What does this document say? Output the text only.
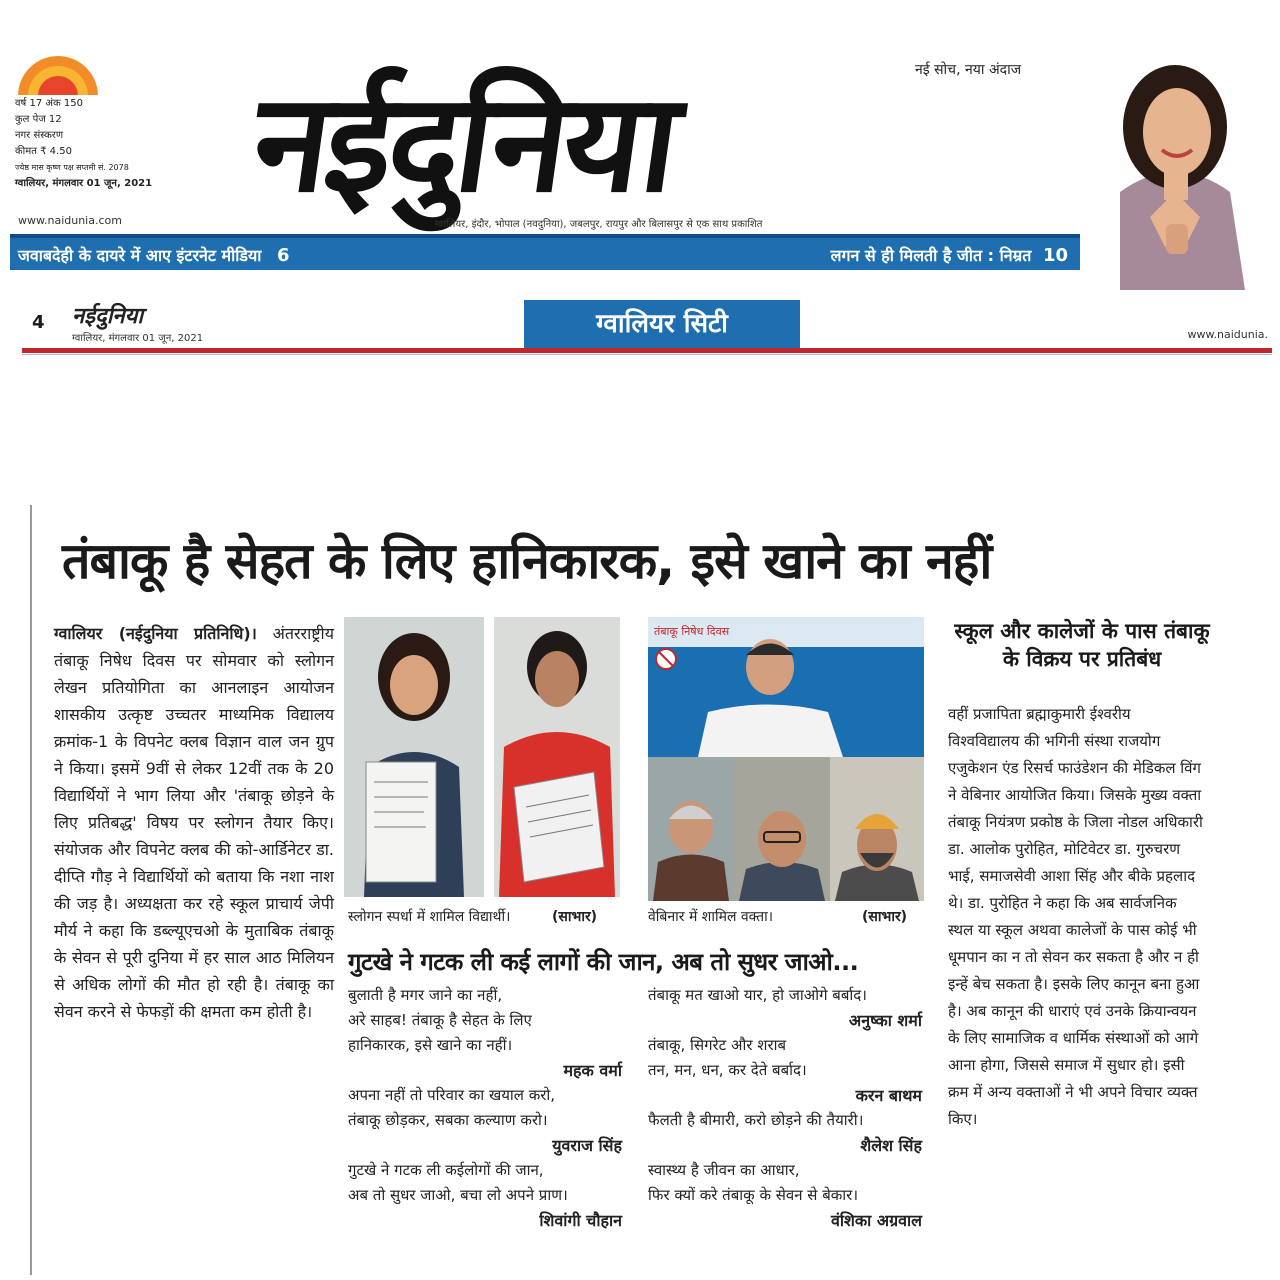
वर्ष 17 अंक 150
कुल पेज 12
नगर संस्करण
कीमत ₹ 4.50
ज्येष्ठ मास कृष्ण पक्ष सप्तमी सं. 2078
ग्वालियर, मंगलवार 01 जून, 2021 नईदुनिया	नई सोच, नया अंदाज
www.naidunia.com	ग्वालियर, इंदौर, भोपाल (नवदुनिया), जबलपुर, रायपुर और बिलासपुर से एक साथ प्रकाशित
जवाबदेही के दायरे में आए इंटरनेट मीडिया 6	लगन से ही मिलती है जीत : निम्रत 10
4 नईदुनिया
ग्वालियर, मंगलवार 01 जून, 2021	ग्वालियर सिटी	www.naidunia.
तंबाकू है सेहत के लिए हानिकारक, इसे खाने का नहीं
ग्वालियर (नईदुनिया प्रतिनिधि)। अंतरराष्ट्रीय तंबाकू निषेध दिवस पर सोमवार को स्लोगन लेखन प्रतियोगिता का आनलाइन आयोजन शासकीय उत्कृष्ट उच्चतर माध्यमिक विद्यालय क्रमांक-1 के विपनेट क्लब विज्ञान वाल जन ग्रुप ने किया। इसमें 9वीं से लेकर 12वीं तक के 20 विद्यार्थियों ने भाग लिया और 'तंबाकू छोड़ने के लिए प्रतिबद्ध' विषय पर स्लोगन तैयार किए। संयोजक और विपनेट क्लब की को-आर्डिनेटर डा. दीप्ति गौड़ ने विद्यार्थियों को बताया कि नशा नाश की जड़ है। अध्यक्षता कर रहे स्कूल प्राचार्य जेपी मौर्य ने कहा कि डब्ल्यूएचओ के मुताबिक तंबाकू के सेवन से पूरी दुनिया में हर साल आठ मिलियन से अधिक लोगों की मौत हो रही है। तंबाकू का सेवन करने से फेफड़ों की क्षमता कम होती है।
तंबाकू निषेध दिवस
स्लोगन स्पर्धा में शामिल विद्यार्थी।	(साभार)	वेबिनार में शामिल वक्ता।	(साभार)
गुटखे ने गटक ली कई लागों की जान, अब तो सुधर जाओ...
बुलाती है मगर जाने का नहीं,
अरे साहब! तंबाकू है सेहत के लिए
हानिकारक, इसे खाने का नहीं।
महक वर्मा
अपना नहीं तो परिवार का खयाल करो,
तंबाकू छोड़कर, सबका कल्याण करो।
युवराज सिंह
गुटखे ने गटक ली कईलोगों की जान,
अब तो सुधर जाओ, बचा लो अपने प्राण।
शिवांगी चौहान
तंबाकू मत खाओ यार, हो जाओगे बर्बाद।
अनुष्का शर्मा
तंबाकू, सिगरेट और शराब
तन, मन, धन, कर देते बर्बाद।
करन बाथम
फैलती है बीमारी, करो छोड़ने की तैयारी।
शैलेश सिंह
स्वास्थ्य है जीवन का आधार,
फिर क्यों करे तंबाकू के सेवन से बेकार।
वंशिका अग्रवाल
स्कूल और कालेजों के पास तंबाकू के विक्रय पर प्रतिबंध
वहीं प्रजापिता ब्रह्माकुमारी ईश्वरीय विश्वविद्यालय की भगिनी संस्था राजयोग एजुकेशन एंड रिसर्च फाउंडेशन की मेडिकल विंग ने वेबिनार आयोजित किया। जिसके मुख्य वक्ता तंबाकू नियंत्रण प्रकोष्ठ के जिला नोडल अधिकारी डा. आलोक पुरोहित, मोटिवेटर डा. गुरुचरण भाई, समाजसेवी आशा सिंह और बीके प्रहलाद थे। डा. पुरोहित ने कहा कि अब सार्वजनिक स्थल या स्कूल अथवा कालेजों के पास कोई भी धूमपान का न तो सेवन कर सकता है और न ही इन्हें बेच सकता है। इसके लिए कानून बना हुआ है। अब कानून की धाराएं एवं उनके क्रियान्वयन के लिए सामाजिक व धार्मिक संस्थाओं को आगे आना होगा, जिससे समाज में सुधार हो। इसी क्रम में अन्य वक्ताओं ने भी अपने विचार व्यक्त किए।
